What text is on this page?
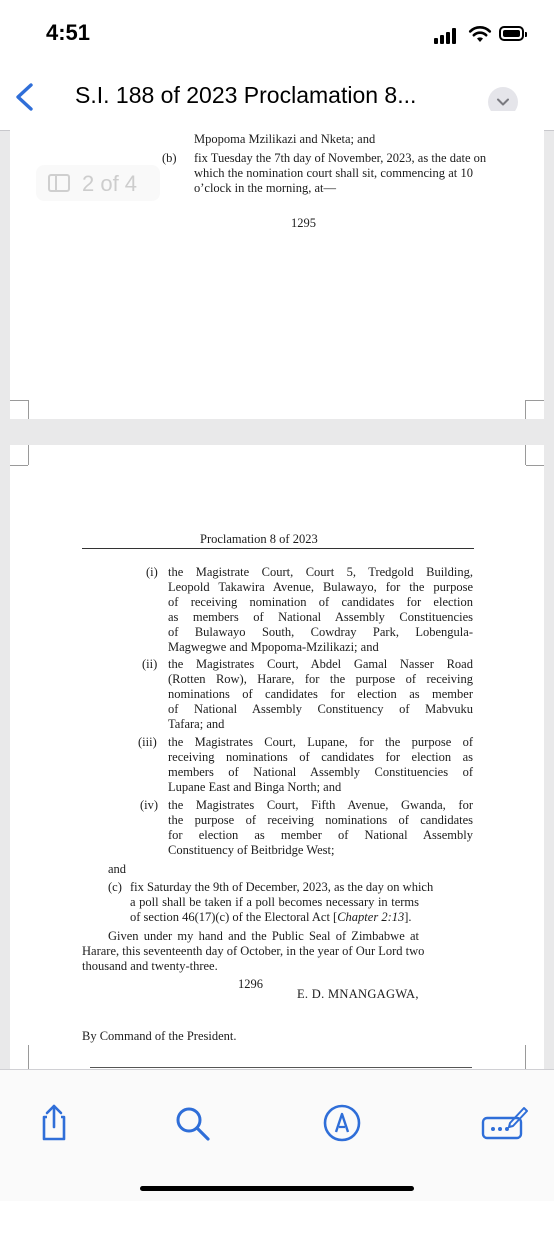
4:51
S.I. 188 of 2023 Proclamation 8...
Mpopoma Mzilikazi and Nketa; and
(b) fix Tuesday the 7th day of November, 2023, as the date on
which the nomination court shall sit, commencing at 10
o’clock in the morning, at—
1295
2 of 4
Proclamation 8 of 2023
(i) the Magistrate Court, Court 5, Tredgold Building,
Leopold Takawira Avenue, Bulawayo, for the purpose
of receiving nomination of candidates for election
as members of National Assembly Constituencies
of Bulawayo South, Cowdray Park, Lobengula-
Magwegwe and Mpopoma-Mzilikazi; and
(ii) the Magistrates Court, Abdel Gamal Nasser Road
(Rotten Row), Harare, for the purpose of receiving
nominations of candidates for election as member
of National Assembly Constituency of Mabvuku
Tafara; and
(iii) the Magistrates Court, Lupane, for the purpose of
receiving nominations of candidates for election as
members of National Assembly Constituencies of
Lupane East and Binga North; and
(iv) the Magistrates Court, Fifth Avenue, Gwanda, for
the purpose of receiving nominations of candidates
for election as member of National Assembly
Constituency of Beitbridge West;
and
(c) fix Saturday the 9th of December, 2023, as the day on which
a poll shall be taken if a poll becomes necessary in terms
of section 46(17)(c) of the Electoral Act [Chapter 2:13].
Given under my hand and the Public Seal of Zimbabwe at
Harare, this seventeenth day of October, in the year of Our Lord two
thousand and twenty-three.
E. D. MNANGAGWA,
By Command of the President.
1296
